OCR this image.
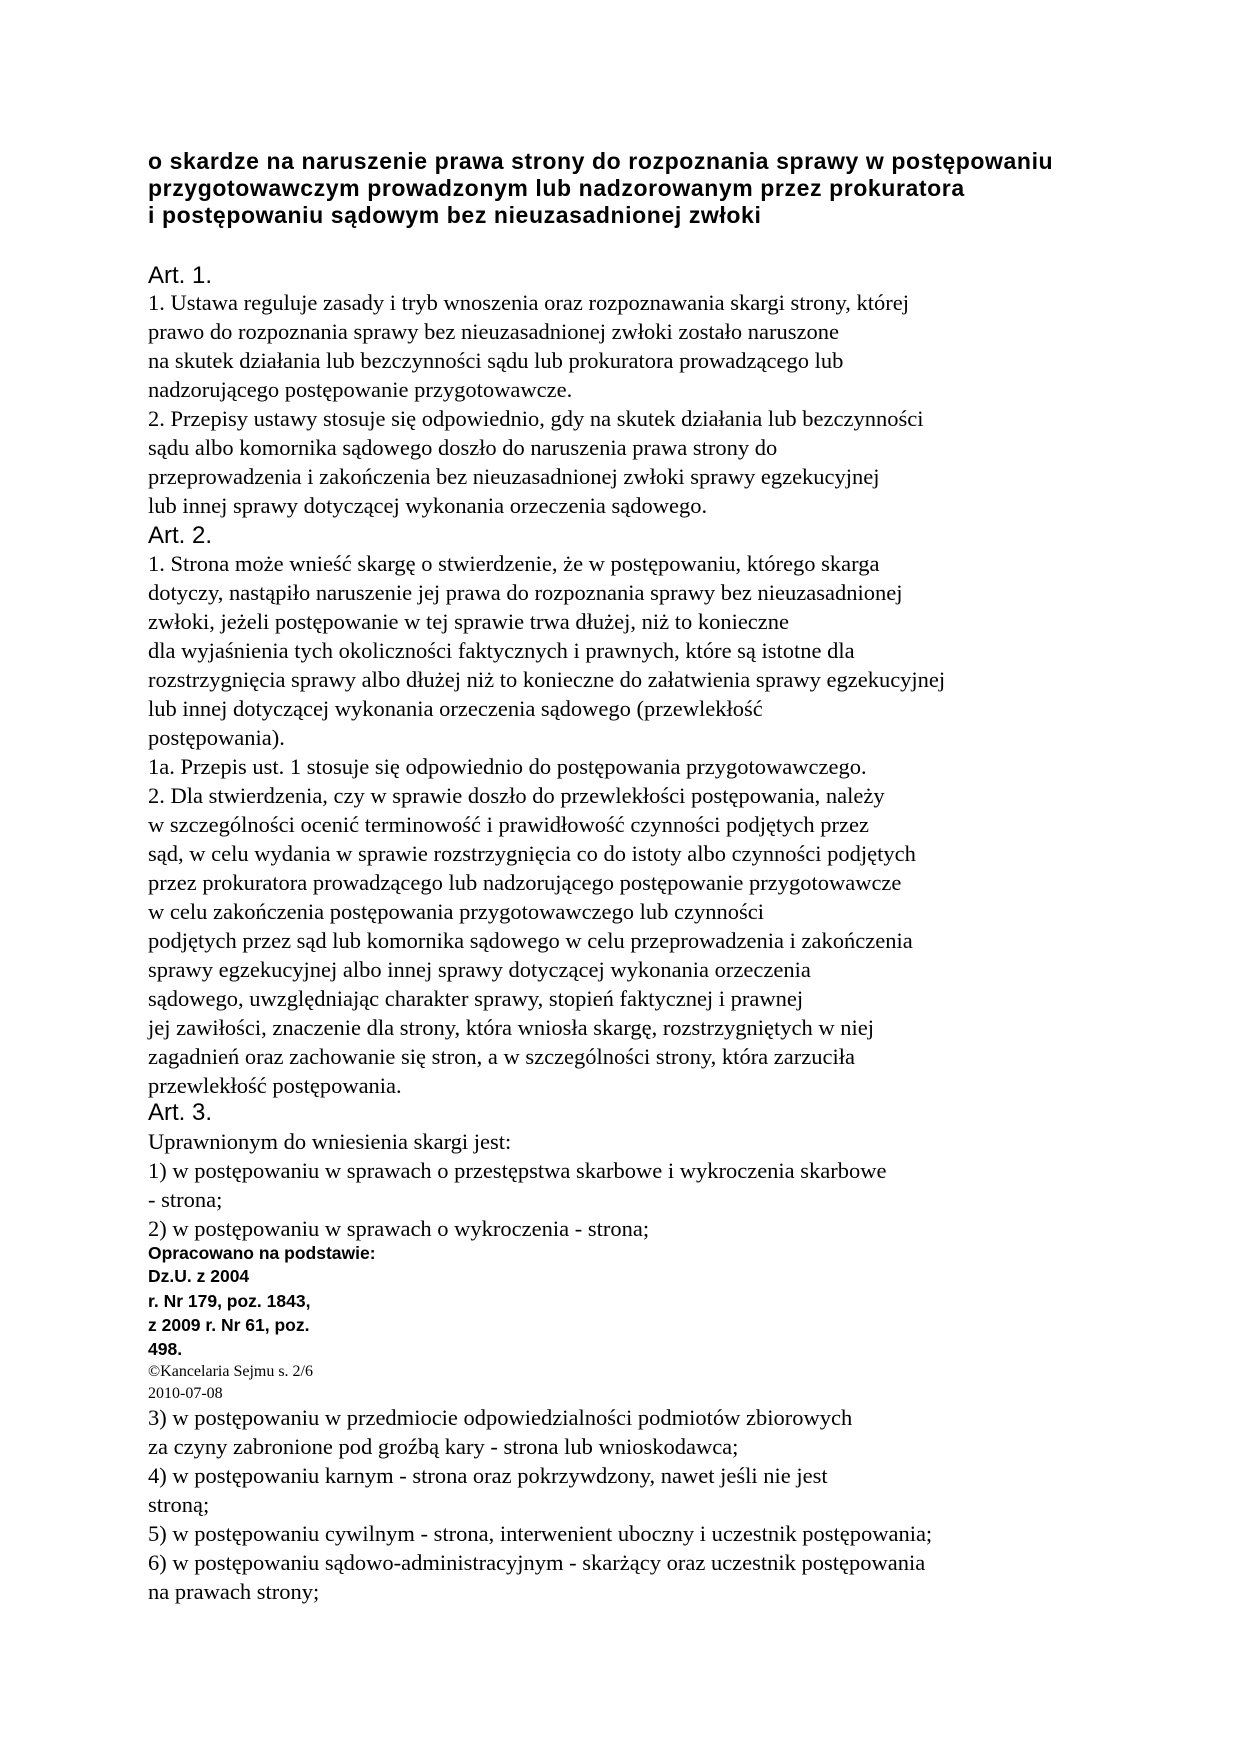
o skardze na naruszenie prawa strony do rozpoznania sprawy w postępowaniu

przygotowawczym prowadzonym lub nadzorowanym przez prokuratora

i postępowaniu sądowym bez nieuzasadnionej zwłoki

Art. 1.

1. Ustawa reguluje zasady i tryb wnoszenia oraz rozpoznawania skargi strony, której

prawo do rozpoznania sprawy bez nieuzasadnionej zwłoki zostało naruszone

na skutek działania lub bezczynności sądu lub prokuratora prowadzącego lub

nadzorującego postępowanie przygotowawcze.

2. Przepisy ustawy stosuje się odpowiednio, gdy na skutek działania lub bezczynności

sądu albo komornika sądowego doszło do naruszenia prawa strony do

przeprowadzenia i zakończenia bez nieuzasadnionej zwłoki sprawy egzekucyjnej

lub innej sprawy dotyczącej wykonania orzeczenia sądowego.

Art. 2.

1. Strona może wnieść skargę o stwierdzenie, że w postępowaniu, którego skarga

dotyczy, nastąpiło naruszenie jej prawa do rozpoznania sprawy bez nieuzasadnionej

zwłoki, jeżeli postępowanie w tej sprawie trwa dłużej, niż to konieczne

dla wyjaśnienia tych okoliczności faktycznych i prawnych, które są istotne dla

rozstrzygnięcia sprawy albo dłużej niż to konieczne do załatwienia sprawy egzekucyjnej

lub innej dotyczącej wykonania orzeczenia sądowego (przewlekłość

postępowania).

1a. Przepis ust. 1 stosuje się odpowiednio do postępowania przygotowawczego.

2. Dla stwierdzenia, czy w sprawie doszło do przewlekłości postępowania, należy

w szczególności ocenić terminowość i prawidłowość czynności podjętych przez

sąd, w celu wydania w sprawie rozstrzygnięcia co do istoty albo czynności podjętych

przez prokuratora prowadzącego lub nadzorującego postępowanie przygotowawcze

w celu zakończenia postępowania przygotowawczego lub czynności

podjętych przez sąd lub komornika sądowego w celu przeprowadzenia i zakończenia

sprawy egzekucyjnej albo innej sprawy dotyczącej wykonania orzeczenia

sądowego, uwzględniając charakter sprawy, stopień faktycznej i prawnej

jej zawiłości, znaczenie dla strony, która wniosła skargę, rozstrzygniętych w niej

zagadnień oraz zachowanie się stron, a w szczególności strony, która zarzuciła

przewlekłość postępowania.

Art. 3.

Uprawnionym do wniesienia skargi jest:

1) w postępowaniu w sprawach o przestępstwa skarbowe i wykroczenia skarbowe

- strona;

2) w postępowaniu w sprawach o wykroczenia - strona;

Opracowano na podstawie:

Dz.U. z 2004

r. Nr 179, poz. 1843,

z 2009 r. Nr 61, poz.

498.

©Kancelaria Sejmu s. 2/6

2010-07-08

3) w postępowaniu w przedmiocie odpowiedzialności podmiotów zbiorowych

za czyny zabronione pod groźbą kary - strona lub wnioskodawca;

4) w postępowaniu karnym - strona oraz pokrzywdzony, nawet jeśli nie jest

stroną;

5) w postępowaniu cywilnym - strona, interwenient uboczny i uczestnik postępowania;

6) w postępowaniu sądowo-administracyjnym - skarżący oraz uczestnik postępowania

na prawach strony;
